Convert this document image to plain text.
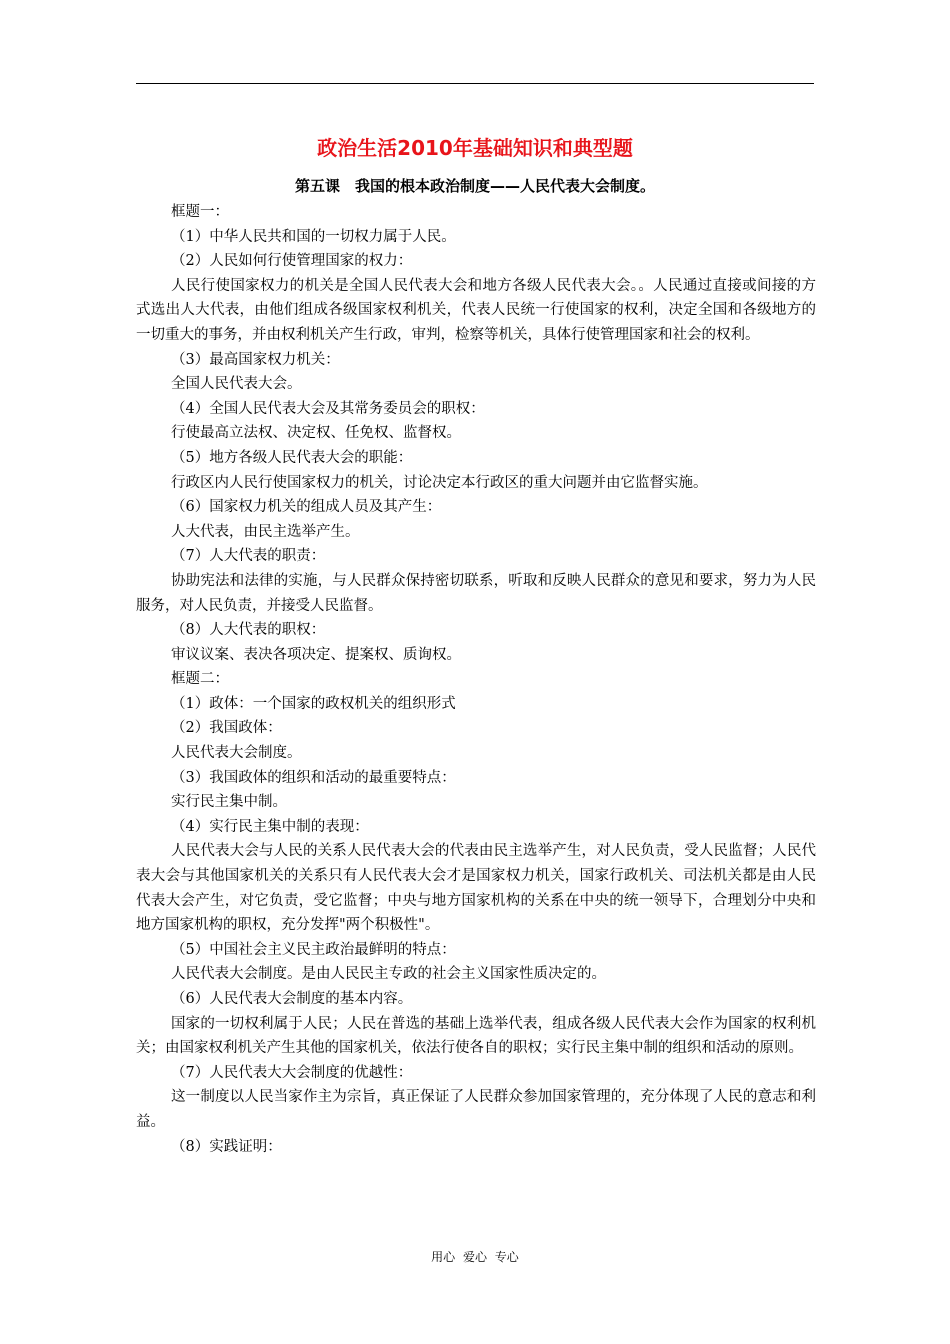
政治生活2010年基础知识和典型题
第五课　我国的根本政治制度——人民代表大会制度。

框题一：

（1）中华人民共和国的一切权力属于人民。

（2）人民如何行使管理国家的权力：

人民行使国家权力的机关是全国人民代表大会和地方各级人民代表大会。。人民通过直接或间接的方式选出人大代表，由他们组成各级国家权利机关，代表人民统一行使国家的权利，决定全国和各级地方的一切重大的事务，并由权利机关产生行政，审判，检察等机关，具体行使管理国家和社会的权利。

（3）最高国家权力机关：

全国人民代表大会。

（4）全国人民代表大会及其常务委员会的职权：

行使最高立法权、决定权、任免权、监督权。

（5）地方各级人民代表大会的职能：

行政区内人民行使国家权力的机关，讨论决定本行政区的重大问题并由它监督实施。

（6）国家权力机关的组成人员及其产生：

人大代表，由民主选举产生。

（7）人大代表的职责：

协助宪法和法律的实施，与人民群众保持密切联系，听取和反映人民群众的意见和要求，努力为人民服务，对人民负责，并接受人民监督。

（8）人大代表的职权：

审议议案、表决各项决定、提案权、质询权。

框题二：

（1）政体：一个国家的政权机关的组织形式

（2）我国政体：

人民代表大会制度。

（3）我国政体的组织和活动的最重要特点：

实行民主集中制。

（4）实行民主集中制的表现：

人民代表大会与人民的关系人民代表大会的代表由民主选举产生，对人民负责，受人民监督；人民代表大会与其他国家机关的关系只有人民代表大会才是国家权力机关，国家行政机关、司法机关都是由人民代表大会产生，对它负责，受它监督；中央与地方国家机构的关系在中央的统一领导下，合理划分中央和地方国家机构的职权，充分发挥"两个积极性"。

（5）中国社会主义民主政治最鲜明的特点：

人民代表大会制度。是由人民民主专政的社会主义国家性质决定的。

（6）人民代表大会制度的基本内容。

国家的一切权利属于人民；人民在普选的基础上选举代表，组成各级人民代表大会作为国家的权利机关；由国家权利机关产生其他的国家机关，依法行使各自的职权；实行民主集中制的组织和活动的原则。

（7）人民代表大大会制度的优越性：

这一制度以人民当家作主为宗旨，真正保证了人民群众参加国家管理的，充分体现了人民的意志和利益。

（8）实践证明：

用心 爱心 专心
